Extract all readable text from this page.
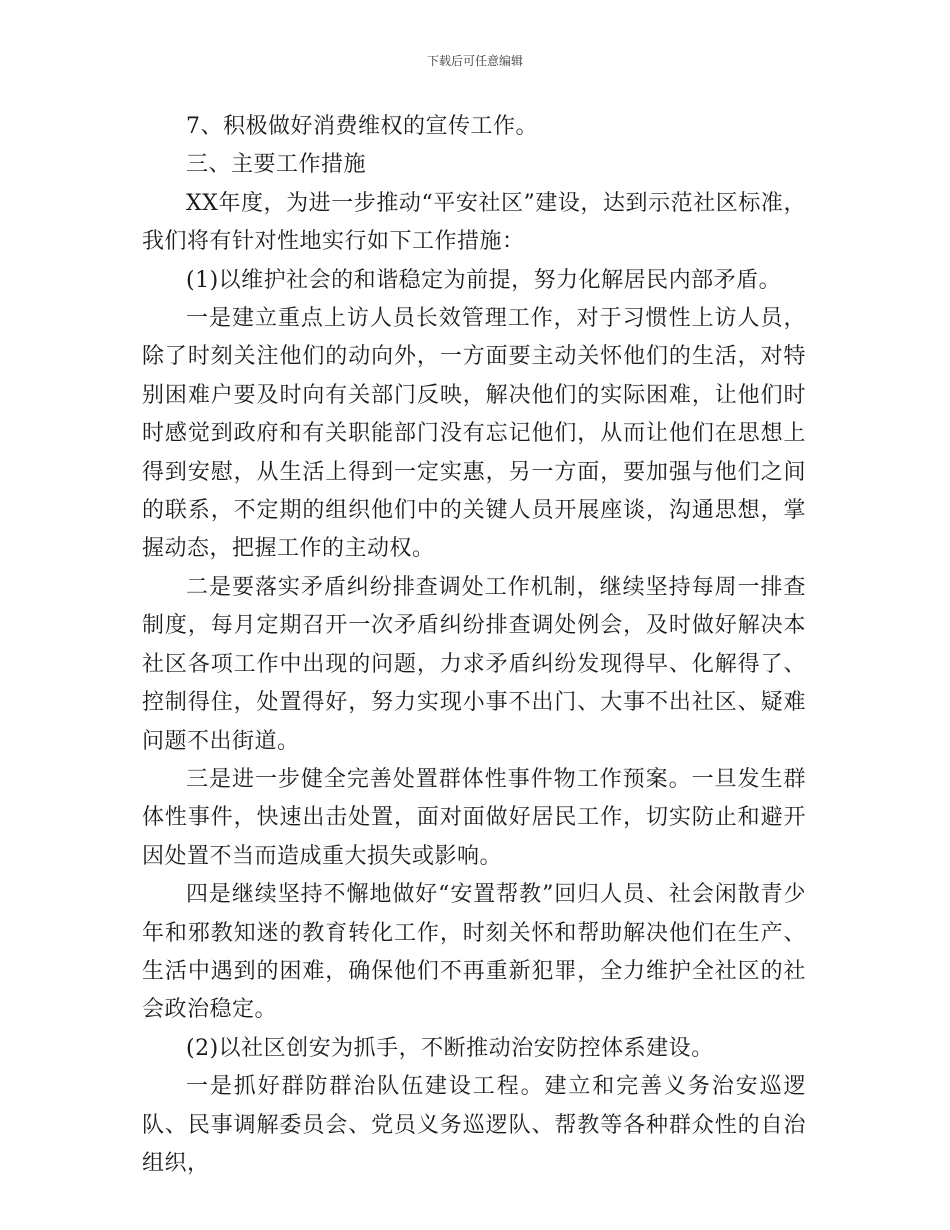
下载后可任意编辑

7、积极做好消费维权的宣传工作。

三、主要工作措施

XX年度，为进一步推动“平安社区”建设，达到示范社区标准，我们将有针对性地实行如下工作措施：

(1)以维护社会的和谐稳定为前提，努力化解居民内部矛盾。

一是建立重点上访人员长效管理工作，对于习惯性上访人员，除了时刻关注他们的动向外，一方面要主动关怀他们的生活，对特别困难户要及时向有关部门反映，解决他们的实际困难，让他们时时感觉到政府和有关职能部门没有忘记他们，从而让他们在思想上得到安慰，从生活上得到一定实惠，另一方面，要加强与他们之间的联系，不定期的组织他们中的关键人员开展座谈，沟通思想，掌握动态，把握工作的主动权。

二是要落实矛盾纠纷排查调处工作机制，继续坚持每周一排查制度，每月定期召开一次矛盾纠纷排查调处例会，及时做好解决本社区各项工作中出现的问题，力求矛盾纠纷发现得早、化解得了、控制得住，处置得好，努力实现小事不出门、大事不出社区、疑难问题不出街道。

三是进一步健全完善处置群体性事件物工作预案。一旦发生群体性事件，快速出击处置，面对面做好居民工作，切实防止和避开因处置不当而造成重大损失或影响。

四是继续坚持不懈地做好“安置帮教”回归人员、社会闲散青少年和邪教知迷的教育转化工作，时刻关怀和帮助解决他们在生产、生活中遇到的困难，确保他们不再重新犯罪，全力维护全社区的社会政治稳定。

(2)以社区创安为抓手，不断推动治安防控体系建设。

一是抓好群防群治队伍建设工程。建立和完善义务治安巡逻队、民事调解委员会、党员义务巡逻队、帮教等各种群众性的自治组织，
